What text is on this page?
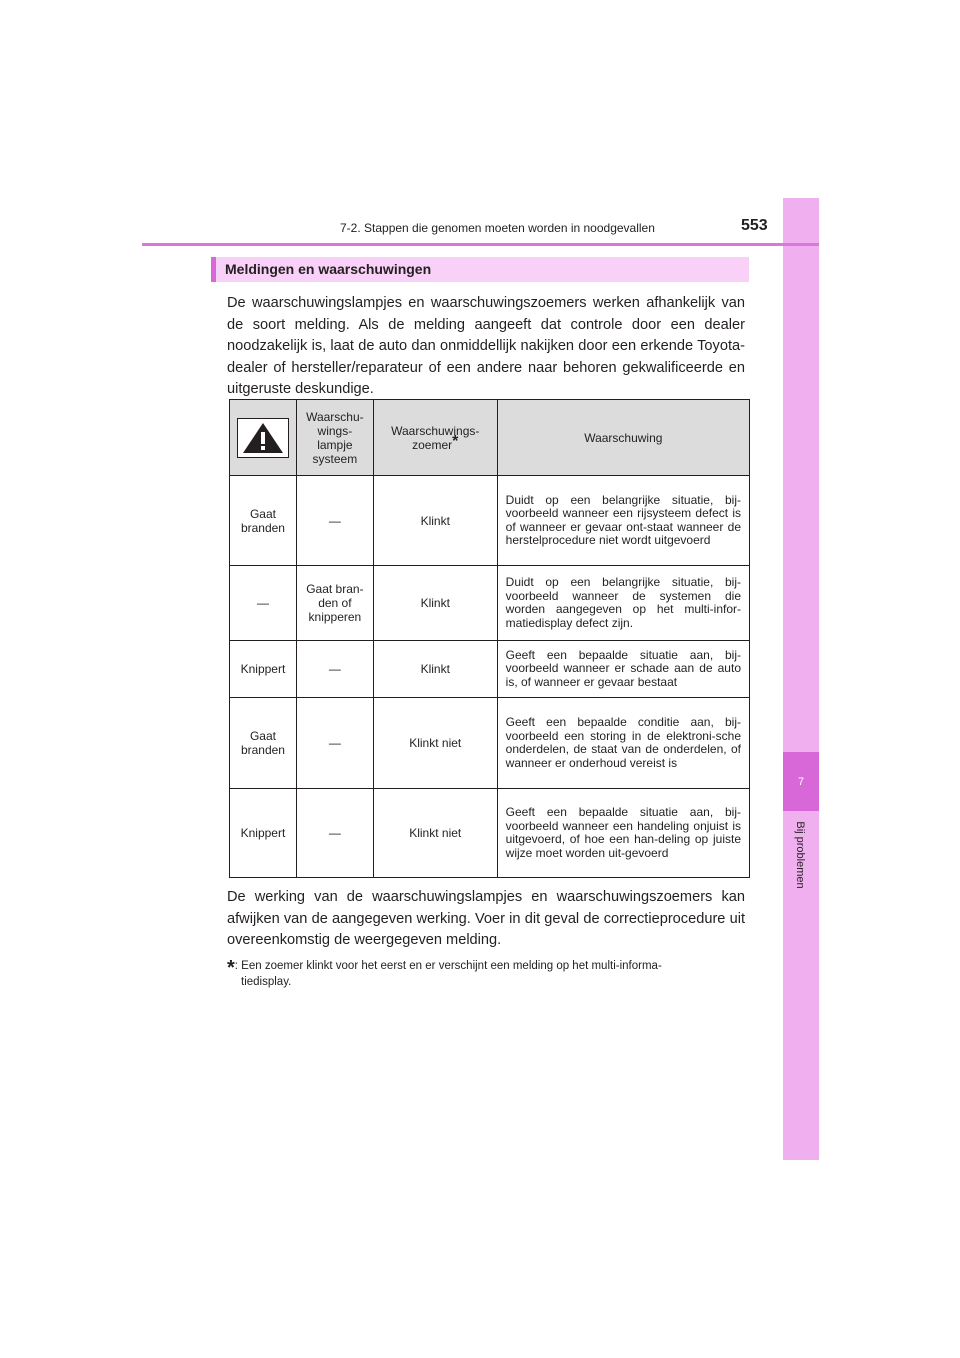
7
Bij problemen
7-2. Stappen die genomen moeten worden in noodgevallen	553
Meldingen en waarschuwingen

De waarschuwingslampjes en waarschuwingszoemers werken afhankelijk van de soort melding. Als de melding aangeeft dat controle door een dealer noodzakelijk is, laat de auto dan onmiddellijk nakijken door een erkende Toyota-dealer of hersteller/reparateur of een andere naar behoren gekwalificeerde en uitgeruste deskundige.

	Waarschu-
wings-
lampje
systeem	Waarschuwings-
zoemer*	Waarschuwing
Gaat
branden	—	Klinkt	Duidt op een belangrijke situatie, bij-voorbeeld wanneer een rijsysteem defect is of wanneer er gevaar ont-staat wanneer de herstelprocedure niet wordt uitgevoerd
—	Gaat bran-
den of
knipperen	Klinkt	Duidt op een belangrijke situatie, bij-voorbeeld wanneer de systemen die worden aangegeven op het multi-infor-matiedisplay defect zijn.
Knippert	—	Klinkt	Geeft een bepaalde situatie aan, bij-voorbeeld wanneer er schade aan de auto is, of wanneer er gevaar bestaat
Gaat
branden	—	Klinkt niet	Geeft een bepaalde conditie aan, bij-voorbeeld een storing in de elektroni-sche onderdelen, de staat van de onderdelen, of wanneer er onderhoud vereist is
Knippert	—	Klinkt niet	Geeft een bepaalde situatie aan, bij-voorbeeld wanneer een handeling onjuist is uitgevoerd, of hoe een han-deling op juiste wijze moet worden uit-gevoerd

De werking van de waarschuwingslampjes en waarschuwingszoemers kan afwijken van de aangegeven werking. Voer in dit geval de correctieprocedure uit overeenkomstig de weergegeven melding.

*: Een zoemer klinkt voor het eerst en er verschijnt een melding op het multi-informa-
tiedisplay.
